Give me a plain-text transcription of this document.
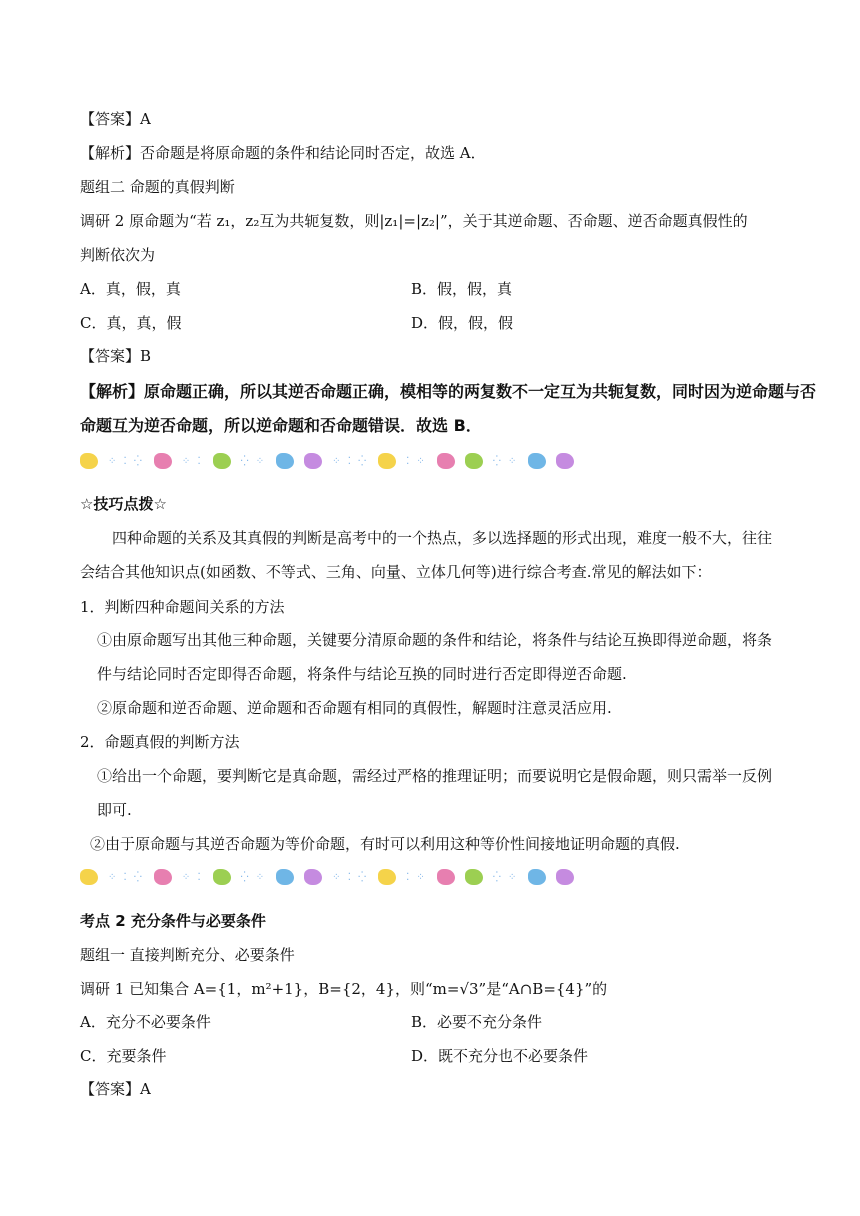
【答案】A
【解析】否命题是将原命题的条件和结论同时否定，故选 A．
题组二 命题的真假判断
调研 2 原命题为“若 z₁，z₂互为共轭复数，则|z₁|=|z₂|”，关于其逆命题、否命题、逆否命题真假性的
判断依次为
A．真，假，真	B．假，假，真
C．真，真，假	D．假，假，假
【答案】B
【解析】原命题正确，所以其逆否命题正确，模相等的两复数不一定互为共轭复数，同时因为逆命题与否
命题互为逆否命题，所以逆命题和否命题错误．故选 B．
⁘ ⁚ ⁛	⁘ ⁚	⁛ ⁘	⁘ ⁚ ⁛	⁚ ⁘	⁛ ⁘
☆技巧点拨☆
四种命题的关系及其真假的判断是高考中的一个热点，多以选择题的形式出现，难度一般不大，往往
会结合其他知识点(如函数、不等式、三角、向量、立体几何等)进行综合考查.常见的解法如下：
1．判断四种命题间关系的方法
①由原命题写出其他三种命题，关键要分清原命题的条件和结论，将条件与结论互换即得逆命题，将条
件与结论同时否定即得否命题，将条件与结论互换的同时进行否定即得逆否命题.
②原命题和逆否命题、逆命题和否命题有相同的真假性，解题时注意灵活应用.
2．命题真假的判断方法
①给出一个命题，要判断它是真命题，需经过严格的推理证明；而要说明它是假命题，则只需举一反例
即可.
②由于原命题与其逆否命题为等价命题，有时可以利用这种等价性间接地证明命题的真假.
⁘ ⁚ ⁛	⁘ ⁚	⁛ ⁘	⁘ ⁚ ⁛	⁚ ⁘	⁛ ⁘
考点 2 充分条件与必要条件
题组一 直接判断充分、必要条件
调研 1 已知集合 A={1，m²+1}，B={2，4}，则“m=√3”是“A∩B={4}”的
A．充分不必要条件	B．必要不充分条件
C．充要条件	D．既不充分也不必要条件
【答案】A
